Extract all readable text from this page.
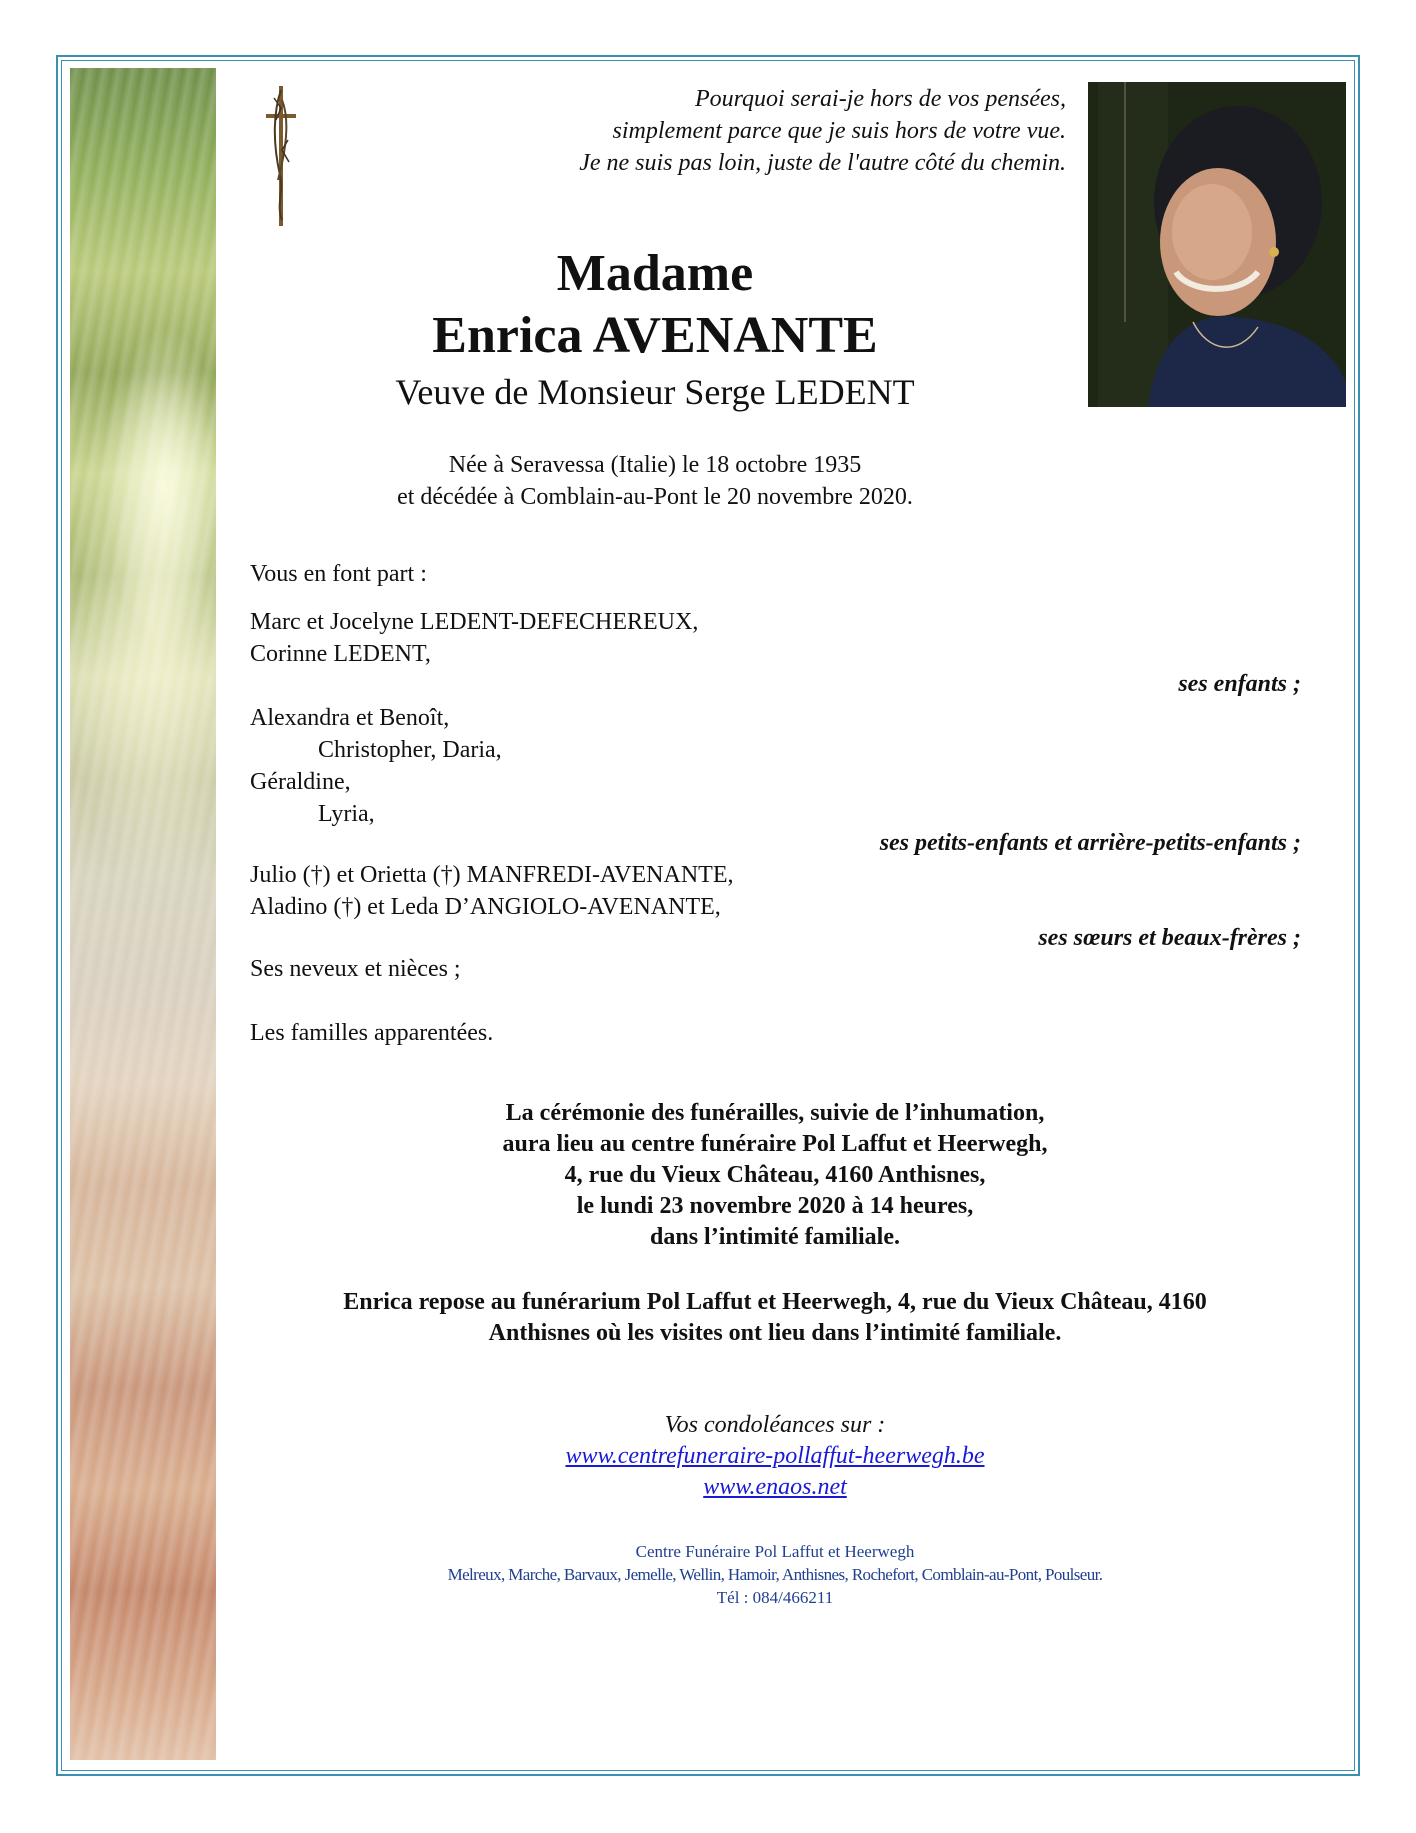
Pourquoi serai-je hors de vos pensées,
simplement parce que je suis hors de votre vue.
Je ne suis pas loin, juste de l'autre côté du chemin.
Madame
Enrica AVENANTE
Veuve de Monsieur Serge LEDENT
Née à Seravessa (Italie) le 18 octobre 1935
et décédée à Comblain-au-Pont le 20 novembre 2020.
Vous en font part :
Marc et Jocelyne LEDENT-DEFECHEREUX,
Corinne LEDENT,
ses enfants ;
Alexandra et Benoît,
Christopher, Daria,
Géraldine,
Lyria,
ses petits-enfants et arrière-petits-enfants ;
Julio (†) et Orietta (†) MANFREDI-AVENANTE,
Aladino (†) et Leda D’ANGIOLO-AVENANTE,
ses sœurs et beaux-frères ;
Ses neveux et nièces ;
Les familles apparentées.
La cérémonie des funérailles, suivie de l’inhumation,
aura lieu au centre funéraire Pol Laffut et Heerwegh,
4, rue du Vieux Château, 4160 Anthisnes,
le lundi 23 novembre 2020 à 14 heures,
dans l’intimité familiale.
Enrica repose au funérarium Pol Laffut et Heerwegh, 4, rue du Vieux Château, 4160
Anthisnes où les visites ont lieu dans l’intimité familiale.
Vos condoléances sur :
www.centrefuneraire-pollaffut-heerwegh.be
www.enaos.net
Centre Funéraire Pol Laffut et Heerwegh
Melreux, Marche, Barvaux, Jemelle, Wellin, Hamoir, Anthisnes, Rochefort, Comblain-au-Pont, Poulseur.
Tél : 084/466211
